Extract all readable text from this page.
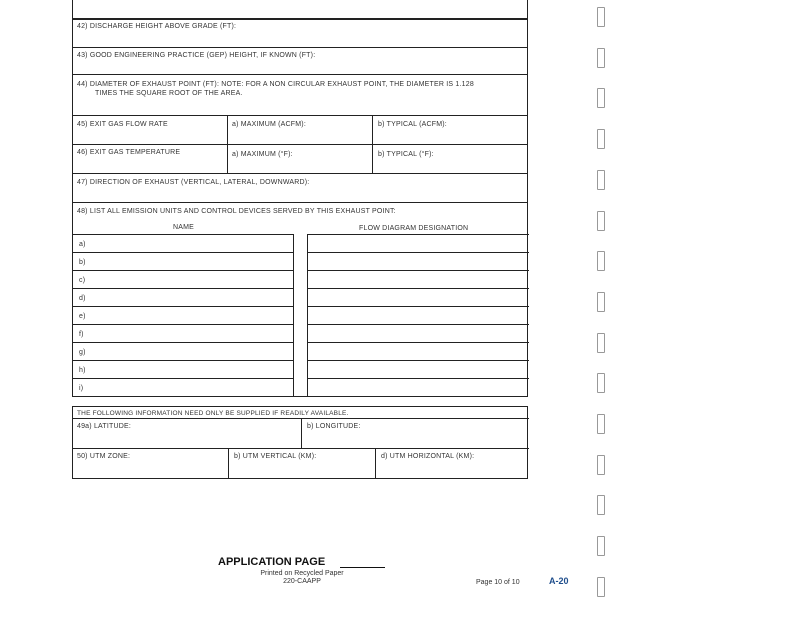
42) DISCHARGE HEIGHT ABOVE GRADE (FT):
43) GOOD ENGINEERING PRACTICE (GEP) HEIGHT, IF KNOWN (FT):
44) DIAMETER OF EXHAUST POINT (FT): NOTE: FOR A NON CIRCULAR EXHAUST POINT, THE DIAMETER IS 1.128
TIMES THE SQUARE ROOT OF THE AREA.
45) EXIT GAS FLOW RATE	a) MAXIMUM (ACFM):	b) TYPICAL (ACFM):
46) EXIT GAS TEMPERATURE	a) MAXIMUM (°F):	b) TYPICAL (°F):
47) DIRECTION OF EXHAUST (VERTICAL, LATERAL, DOWNWARD):
48) LIST ALL EMISSION UNITS AND CONTROL DEVICES SERVED BY THIS EXHAUST POINT:
NAME	FLOW DIAGRAM DESIGNATION
a)
b)
c)
d)
e)
f)
g)
h)
i)
THE FOLLOWING INFORMATION NEED ONLY BE SUPPLIED IF READILY AVAILABLE.
49a) LATITUDE:	b) LONGITUDE:
50) UTM ZONE:	b) UTM VERTICAL (KM):	d) UTM HORIZONTAL (KM):
APPLICATION PAGE
Printed on Recycled Paper
220-CAAPP	Page 10 of 10	A-20
